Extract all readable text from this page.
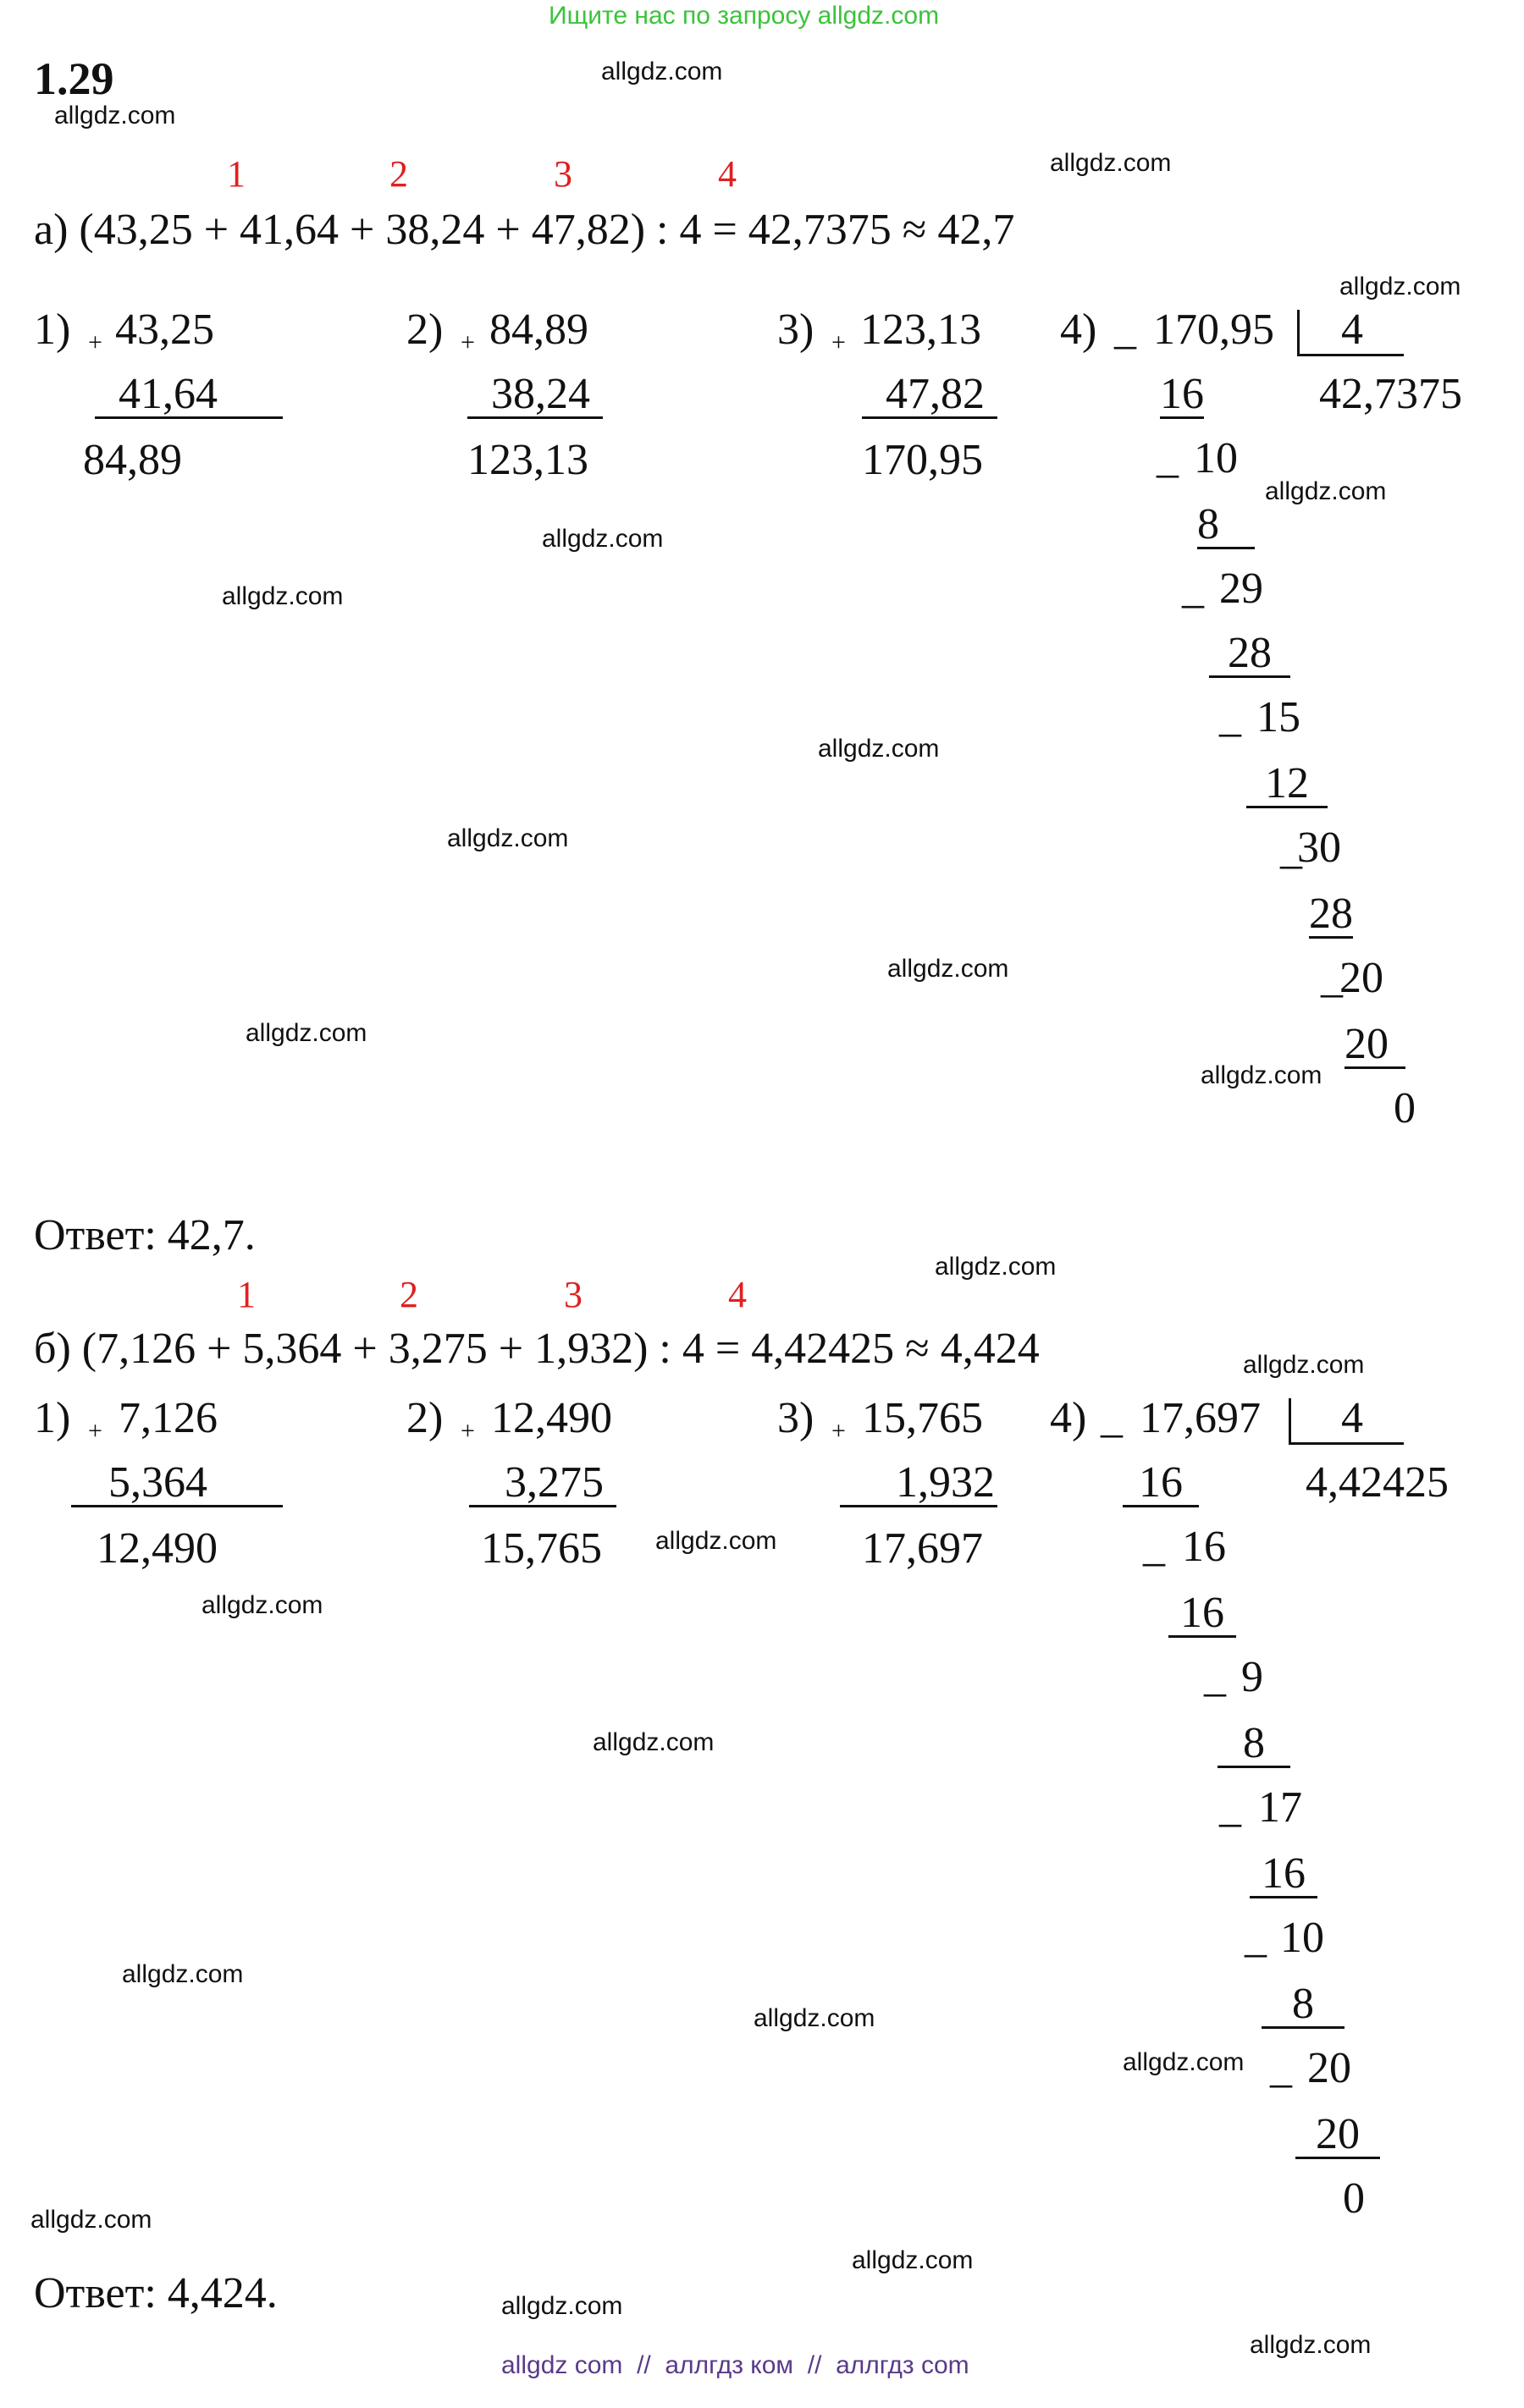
Ищите нас по запросу allgdz.com
1.29	allgdz.com
allgdz.com
allgdz.com
allgdz.com
allgdz.com
allgdz.com
allgdz.com
allgdz.com
allgdz.com
allgdz.com
allgdz.com
allgdz.com
allgdz.com
allgdz.com
allgdz.com
allgdz.com
allgdz.com
allgdz.com
allgdz.com
allgdz.com
allgdz.com
allgdz.com
allgdz.com
allgdz.com
1	2	3	4
а) (43,25 + 41,64 + 38,24 + 47,82) : 4 = 42,7375 ≈ 42,7
1) + 43,25
41,64
84,89
2) + 84,89
38,24
123,13
3) + 123,13
47,82
170,95
4) _ 170,95 4
42,7375
16
_ 10
8
_ 29
28
_ 15
12
_
30
28
_
20
20
0
Ответ: 42,7.
1	2	3	4
б) (7,126 + 5,364 + 3,275 + 1,932) : 4 = 4,42425 ≈ 4,424
1) + 7,126
5,364
12,490
2) + 12,490
3,275
15,765
3) + 15,765
1,932
17,697
4) _ 17,697 4
4,42425
16
_ 16
16
_ 9
8
_ 17
16
_ 10
8
_ 20
20
0
Ответ: 4,424.
allgdz com  //  аллгдз ком  //  аллгдз com
